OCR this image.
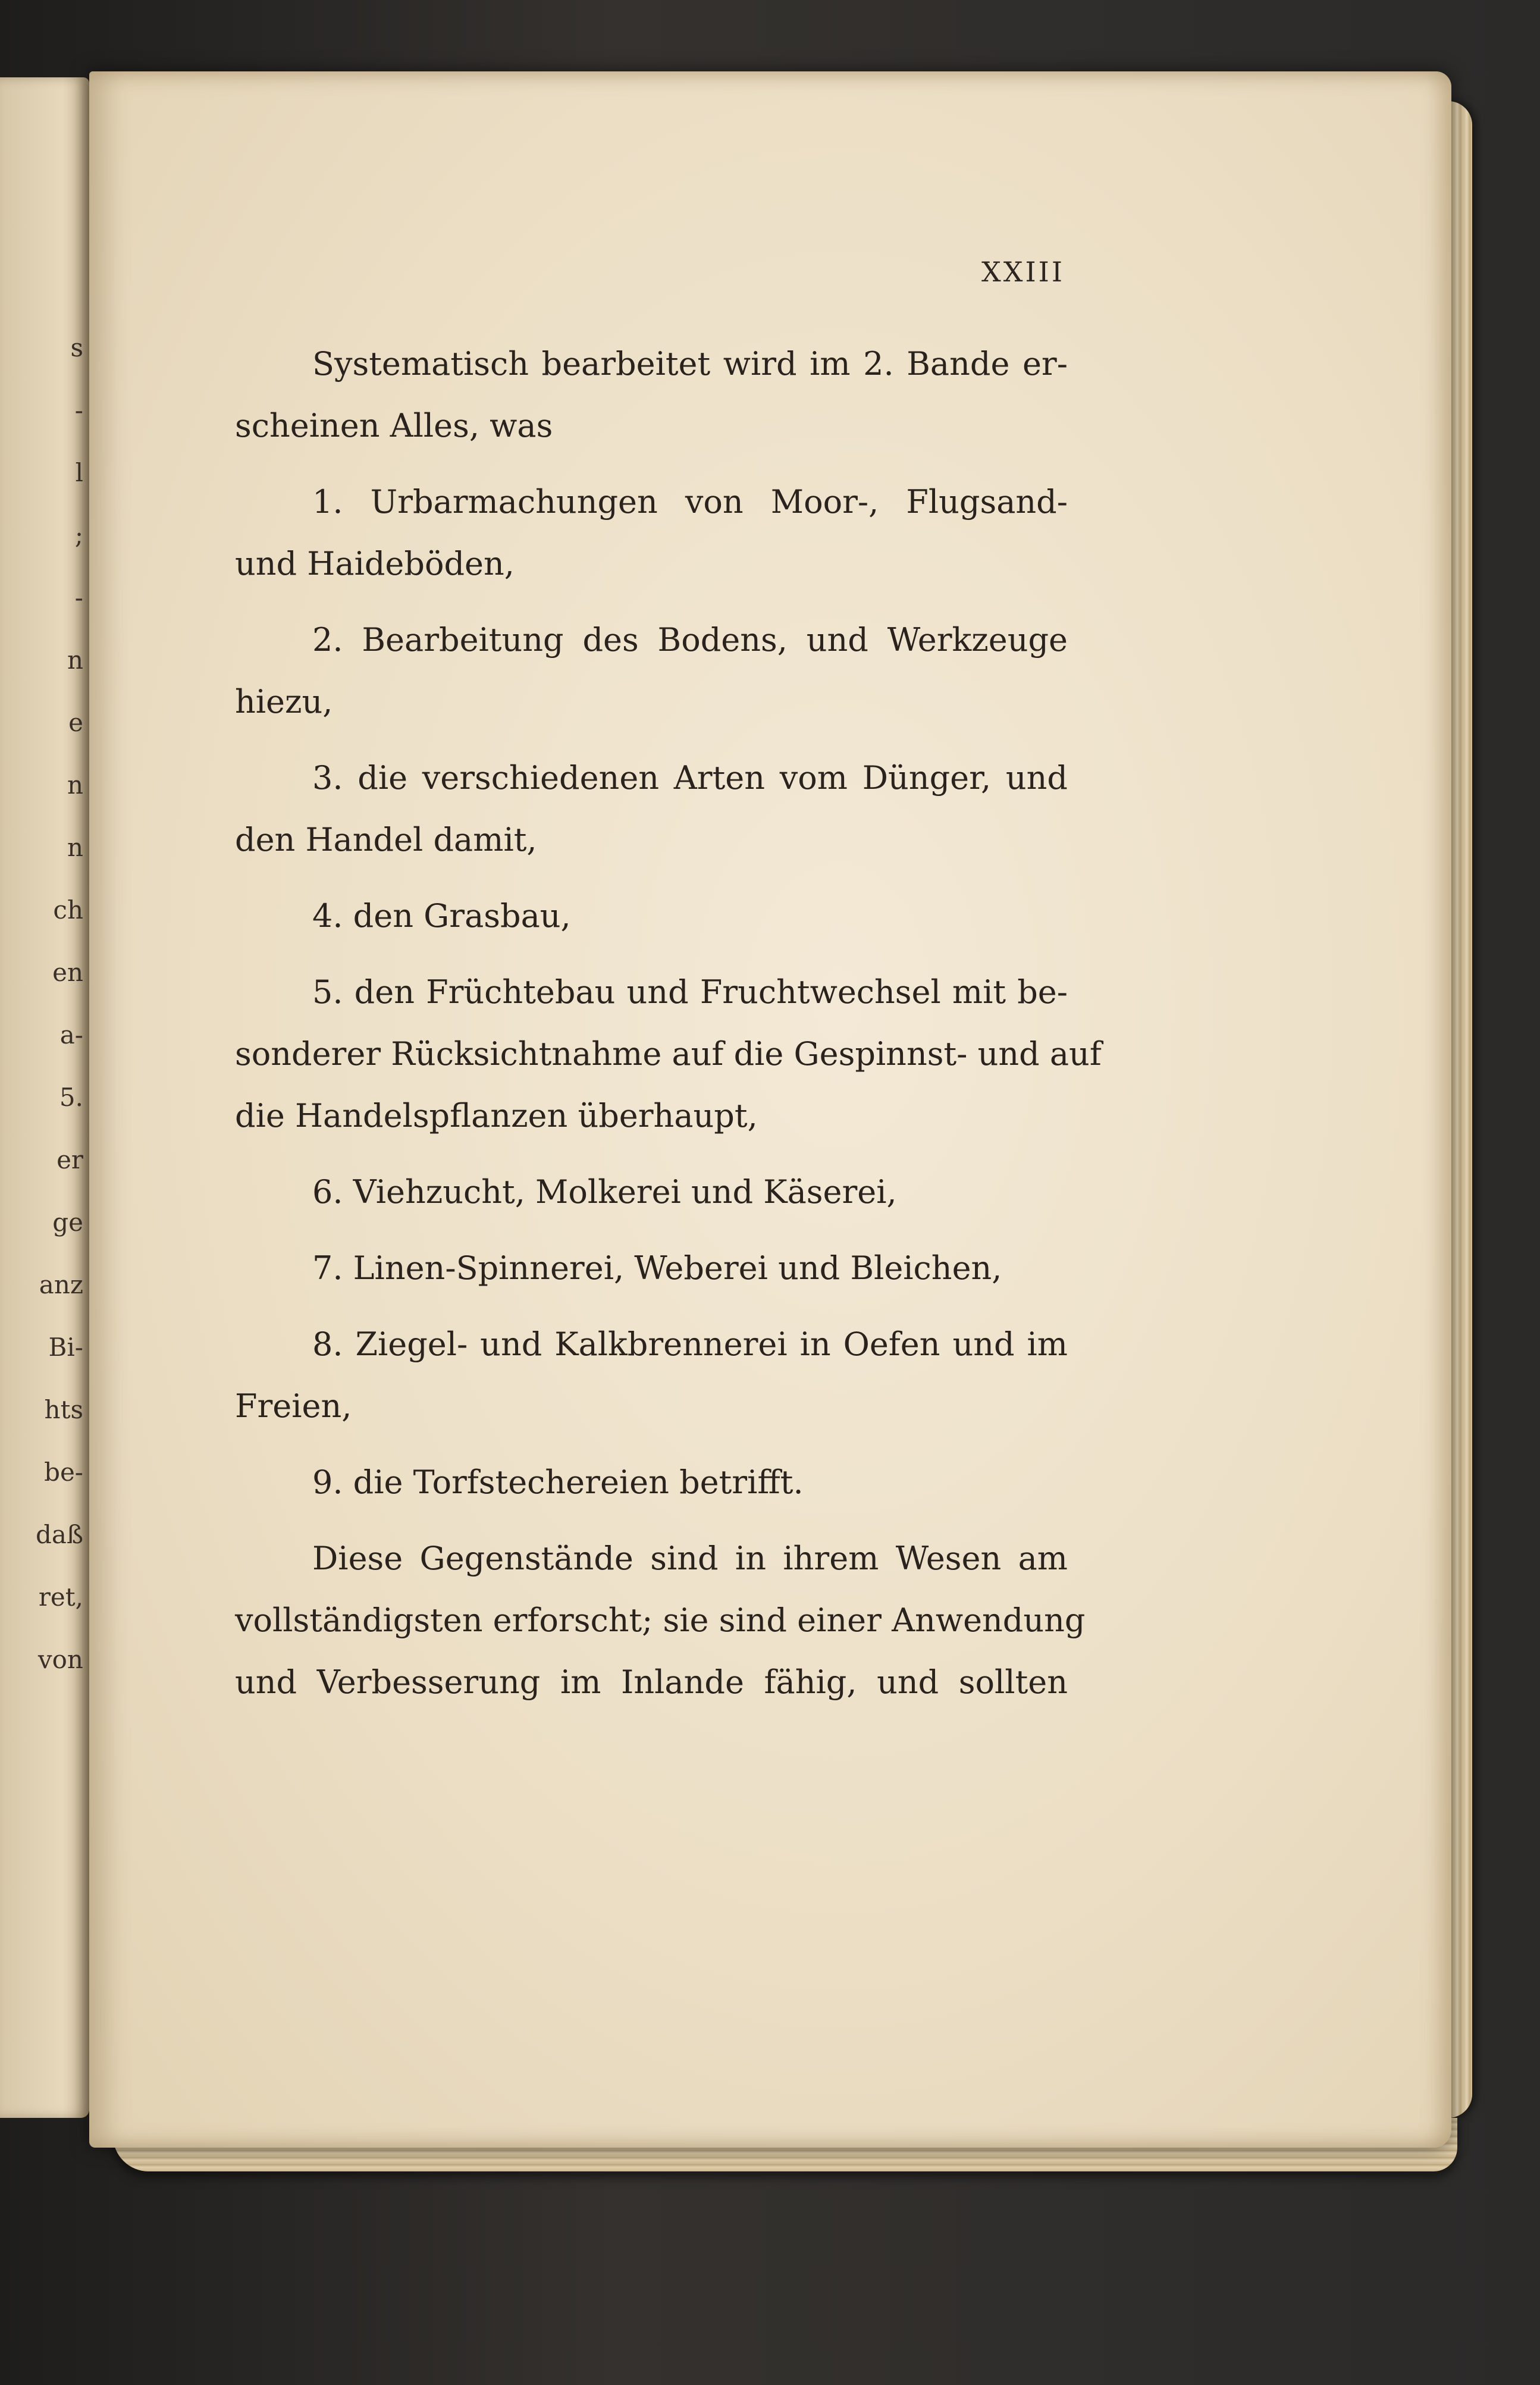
s
-
l
;
-
n
e
n
n
ch
en
a-
5.
er
ge
anz
Bi-
hts
be-
daß
ret,
von
XXIII
Systematisch bearbeitet wird im 2. Bande er-
scheinen Alles, was
1. Urbarmachungen von Moor-, Flugsand-
und Haideböden,
2. Bearbeitung des Bodens, und Werkzeuge
hiezu,
3. die verschiedenen Arten vom Dünger, und
den Handel damit,
4. den Grasbau,
5. den Früchtebau und Fruchtwechsel mit be-
sonderer Rücksichtnahme auf die Gespinnst- und auf
die Handelspflanzen überhaupt,
6. Viehzucht, Molkerei und Käserei,
7. Linen-Spinnerei, Weberei und Bleichen,
8. Ziegel- und Kalkbrennerei in Oefen und im
Freien,
9. die Torfstechereien betrifft.
Diese Gegenstände sind in ihrem Wesen am
vollständigsten erforscht; sie sind einer Anwendung
und Verbesserung im Inlande fähig, und sollten
